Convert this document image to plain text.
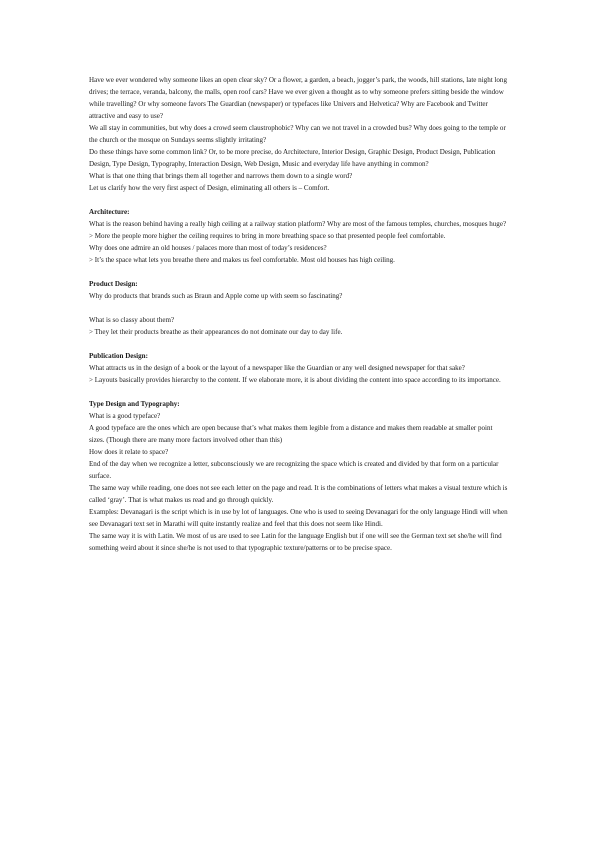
Have we ever wondered why someone likes an open clear sky? Or a flower, a garden, a beach, jogger’s park, the woods, hill stations, late night long drives; the terrace, veranda, balcony, the malls, open roof cars? Have we ever given a thought as to why someone prefers sitting beside the window while travelling? Or why someone favors The Guardian (newspaper) or typefaces like Univers and Helvetica? Why are Facebook and Twitter attractive and easy to use?

We all stay in communities, but why does a crowd seem claustrophobic? Why can we not travel in a crowded bus? Why does going to the temple or the church or the mosque on Sundays seems slightly irritating?

Do these things have some common link? Or, to be more precise, do Architecture, Interior Design, Graphic Design, Product Design, Publication Design, Type Design, Typography, Interaction Design, Web Design, Music and everyday life have anything in common?

What is that one thing that brings them all together and narrows them down to a single word?

Let us clarify how the very first aspect of Design, eliminating all others is – Comfort.

Architecture:

What is the reason behind having a really high ceiling at a railway station platform? Why are most of the famous temples, churches, mosques huge?

> More the people more higher the ceiling requires to bring in more breathing space so that presented people feel comfortable.

Why does one admire an old houses / palaces more than most of today’s residences?

> It’s the space what lets you breathe there and makes us feel comfortable. Most old houses has high ceiling.

Product Design:

Why do products that brands such as Braun and Apple come up with seem so fascinating?

What is so classy about them?

> They let their products breathe as their appearances do not dominate our day to day life.

Publication Design:

What attracts us in the design of a book or the layout of a newspaper like the Guardian or any well designed newspaper for that sake?

> Layouts basically provides hierarchy to the content. If we elaborate more, it is about dividing the content into space according to its importance.

Type Design and Typography:

What is a good typeface?

A good typeface are the ones which are open because that’s what makes them legible from a distance and makes them readable at smaller point sizes. (Though there are many more factors involved other than this)

How does it relate to space?

End of the day when we recognize a letter, subconsciously we are recognizing the space which is created and divided by that form on a particular surface.

The same way while reading, one does not see each letter on the page and read. It is the combinations of letters what makes a visual texture which is called ‘gray’. That is what makes us read and go through quickly.

Examples: Devanagari is the script which is in use by lot of languages. One who is used to seeing Devanagari for the only language Hindi will when see Devanagari text set in Marathi will quite instantly realize and feel that this does not seem like Hindi.

The same way it is with Latin. We most of us are used to see Latin for the language English but if one will see the German text set she/he will find something weird about it since she/he is not used to that typographic texture/patterns or to be precise space.
